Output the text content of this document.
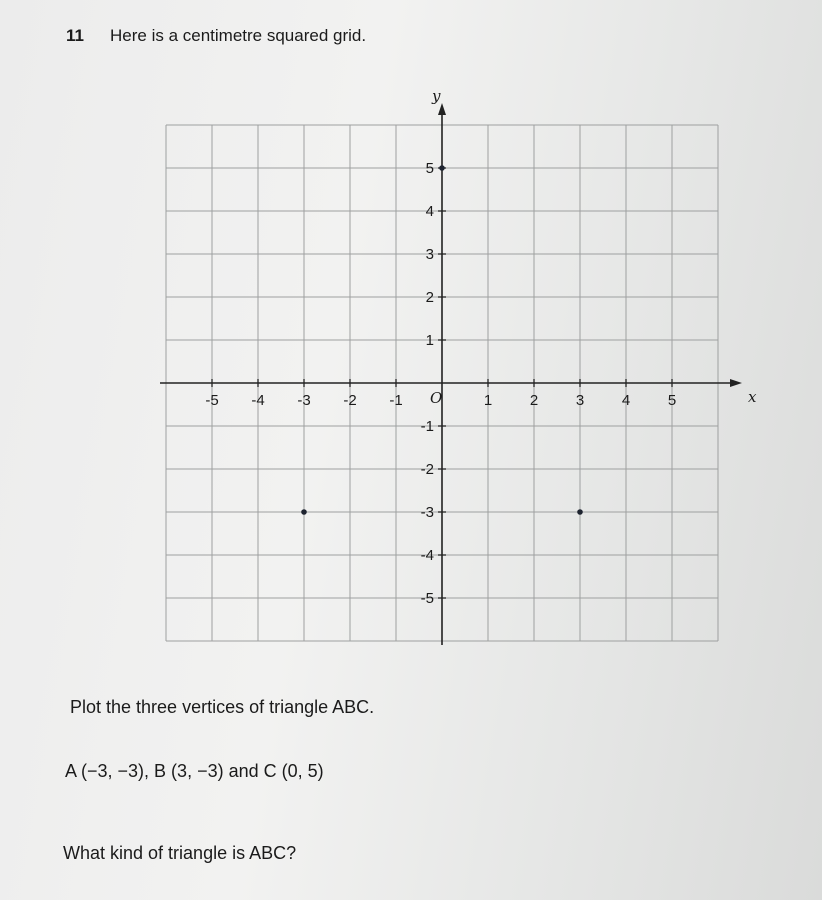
11 Here is a centimetre squared grid.
-5 -4 -3 -2 -1	1	2	3	4	5
5
4
3
2
1
-1
-2
-3
-4
-5
x
y
O
Plot the three vertices of triangle ABC.
A (−3, −3), B (3, −3) and C (0, 5)
What kind of triangle is ABC?
